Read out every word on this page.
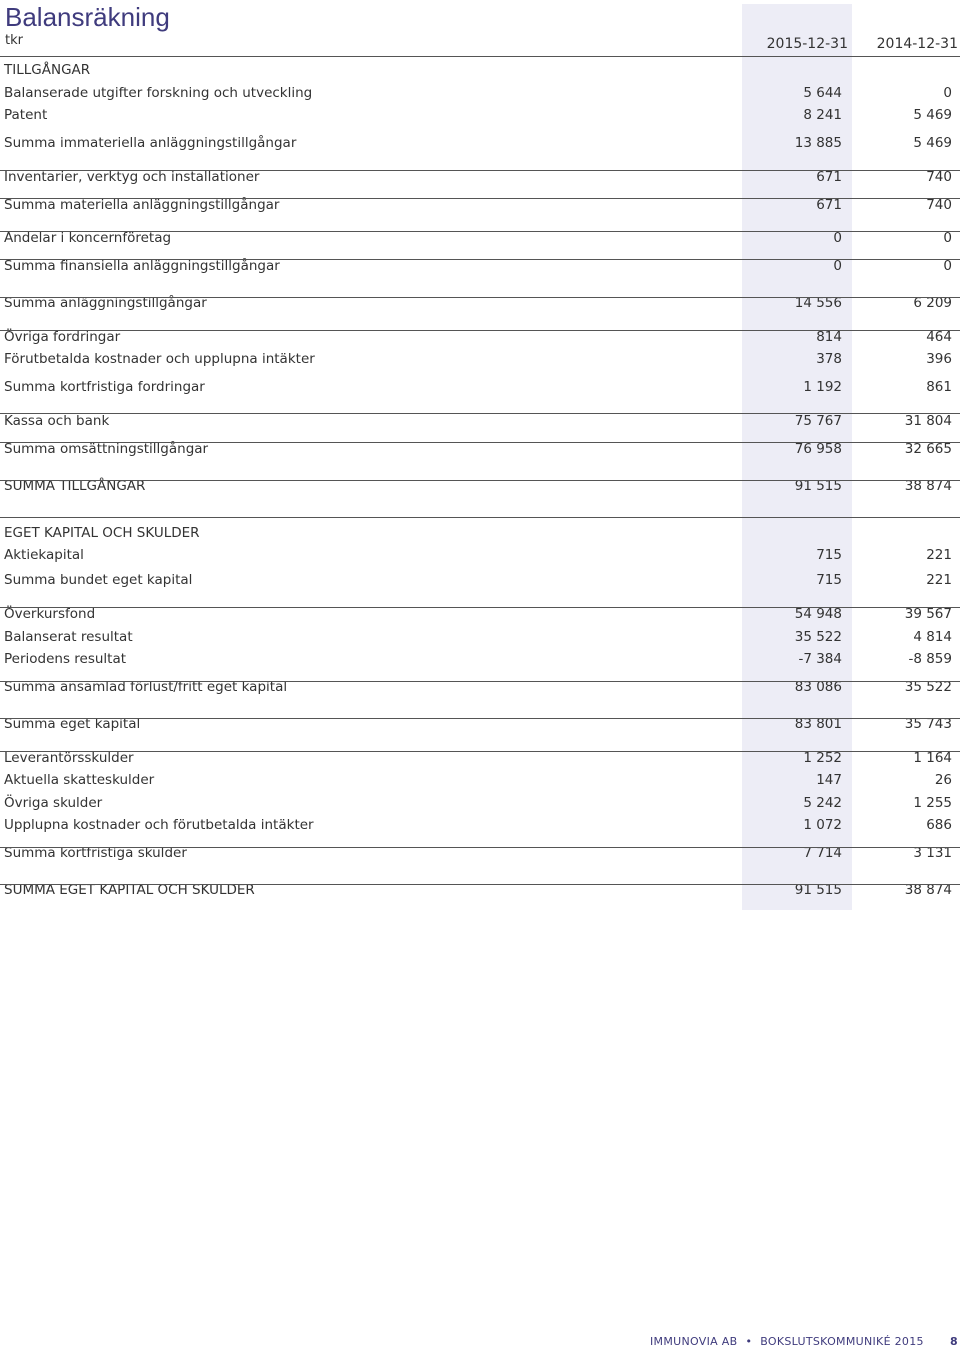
Balansräkning
tkr	2015-12-31	2014-12-31
TILLGÅNGAR
Balanserade utgifter forskning och utveckling	5 644	0
Patent	8 241	5 469
Summa immateriella anläggningstillgångar	13 885	5 469
Inventarier, verktyg och installationer	671	740
Summa materiella anläggningstillgångar	671	740
Andelar i koncernföretag	0	0
Summa finansiella anläggningstillgångar	0	0
Summa anläggningstillgångar	14 556	6 209
Övriga fordringar	814	464
Förutbetalda kostnader och upplupna intäkter	378	396
Summa kortfristiga fordringar	1 192	861
Kassa och bank	75 767	31 804
Summa omsättningstillgångar	76 958	32 665
SUMMA TILLGÅNGAR	91 515	38 874
EGET KAPITAL OCH SKULDER
Aktiekapital	715	221
Summa bundet eget kapital	715	221
Överkursfond	54 948	39 567
Balanserat resultat	35 522	4 814
Periodens resultat	-7 384	-8 859
Summa ansamlad förlust/fritt eget kapital	83 086	35 522
Summa eget kapital	83 801	35 743
Leverantörsskulder	1 252	1 164
Aktuella skatteskulder	147	26
Övriga skulder	5 242	1 255
Upplupna kostnader och förutbetalda intäkter	1 072	686
Summa kortfristiga skulder	7 714	3 131
SUMMA EGET KAPITAL OCH SKULDER	91 515	38 874
IMMUNOVIA AB • BOKSLUTSKOMMUNIKÉ 2015 8
